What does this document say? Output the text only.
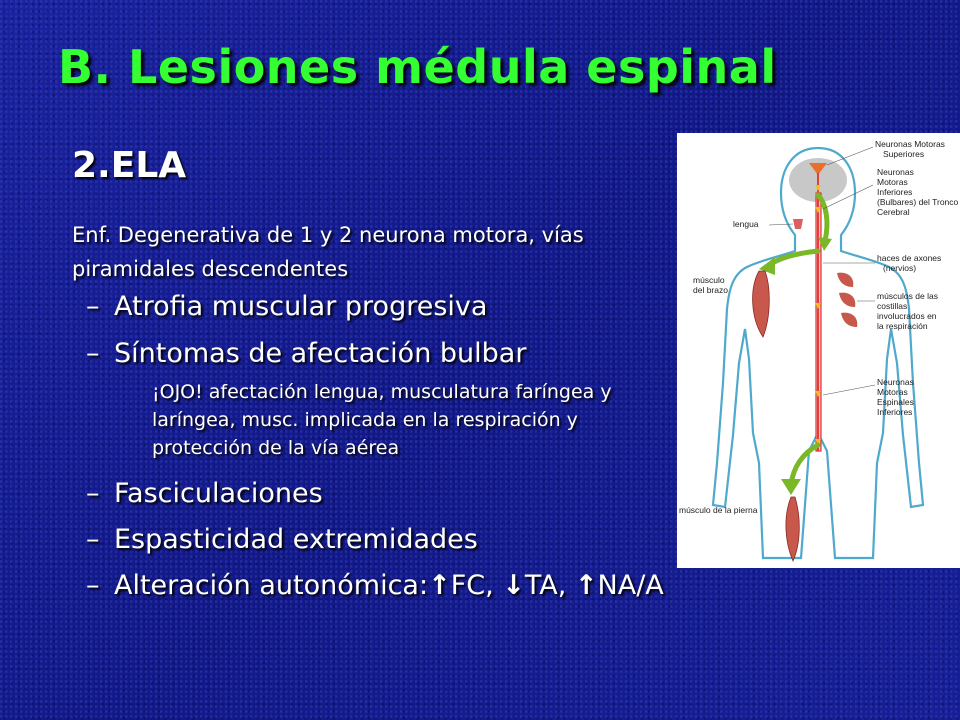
B. Lesiones médula espinal
2.ELA
Enf. Degenerativa de 1 y 2 neurona motora, vías piramidales descendentes
– Atrofia muscular progresiva
– Síntomas de afectación bulbar
¡OJO! afectación lengua, musculatura faríngea y laríngea, musc. implicada en la respiración y protección de la vía aérea
– Fasciculaciones
– Espasticidad extremidades
– Alteración autonómica:↑FC, ↓TA, ↑NA/A
Neuronas Motoras Superiores
Neuronas Motoras Inferiores (Bulbares) del Tronco Cerebral
lengua
haces de axones (nervios)
músculo del brazo
músculos de las costillas involucrados en la respiración
Neuronas Motoras Espinales Inferiores
músculo de la pierna
